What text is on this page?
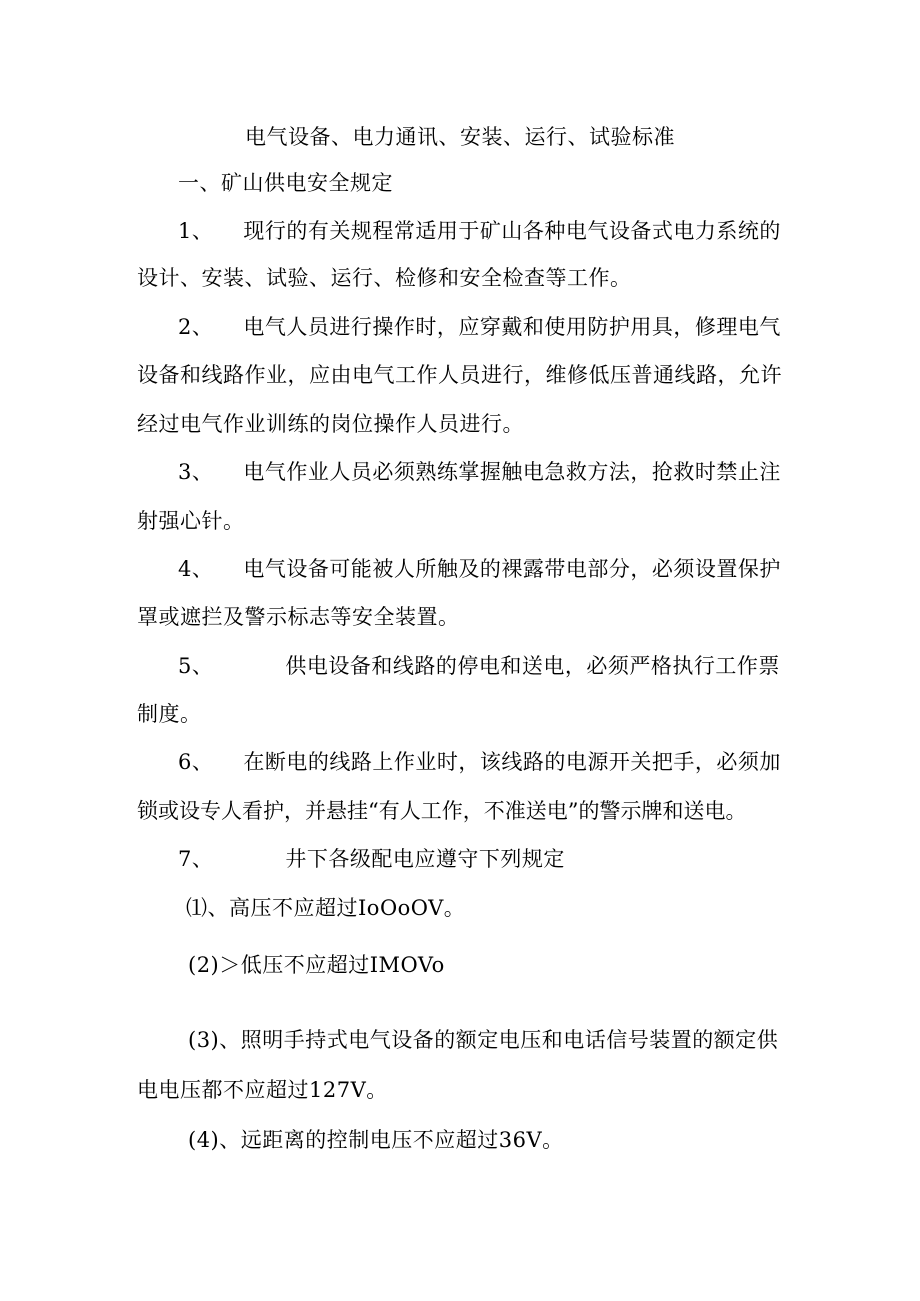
电气设备、电力通讯、安装、运行、试验标准
一、矿山供电安全规定
1、 现行的有关规程常适用于矿山各种电气设备式电力系统的
设计、安装、试验、运行、检修和安全检查等工作。
2、 电气人员进行操作时，应穿戴和使用防护用具，修理电气
设备和线路作业，应由电气工作人员进行，维修低压普通线路，允许
经过电气作业训练的岗位操作人员进行。
3、 电气作业人员必须熟练掌握触电急救方法，抢救时禁止注
射强心针。
4、 电气设备可能被人所触及的裸露带电部分，必须设置保护
罩或遮拦及警示标志等安全装置。
5、	供电设备和线路的停电和送电，必须严格执行工作票
制度。
6、 在断电的线路上作业时，该线路的电源开关把手，必须加
锁或设专人看护，并悬挂“有人工作，不准送电”的警示牌和送电。
7、	井下各级配电应遵守下列规定
⑴、高压不应超过IoOoOV。
(2)＞低压不应超过IMOVo
(3)、照明手持式电气设备的额定电压和电话信号装置的额定供
电电压都不应超过127V。
(4)、远距离的控制电压不应超过36V。
